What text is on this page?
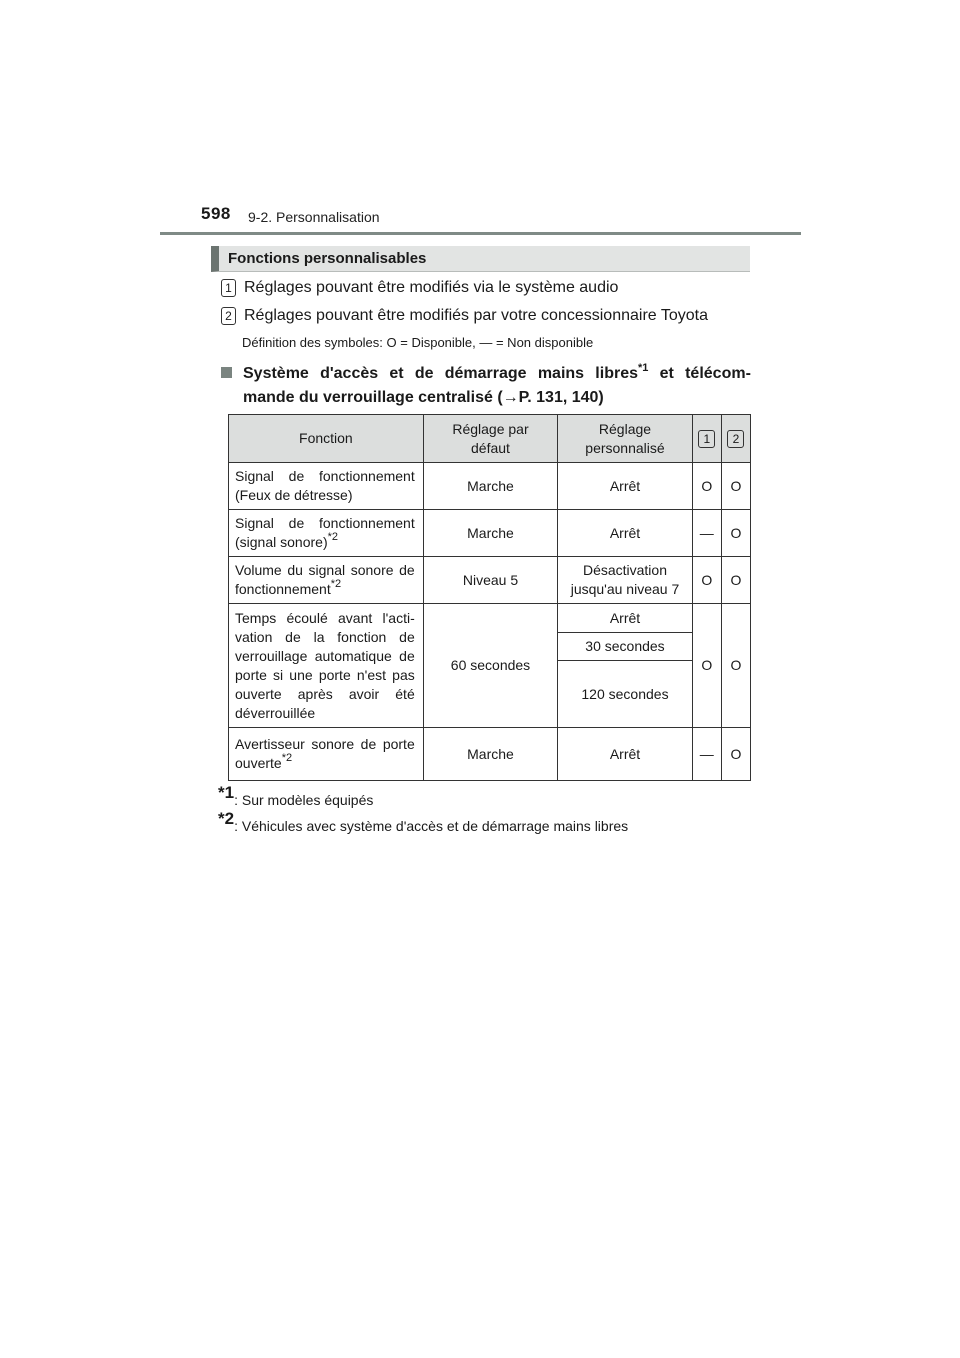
598 9-2. Personnalisation
Fonctions personnalisables
1 Réglages pouvant être modifiés via le système audio
2 Réglages pouvant être modifiés par votre concessionnaire Toyota
Définition des symboles: O = Disponible, — = Non disponible
Système d'accès et de démarrage mains libres$^{*1}$ et télécom-
mande du verrouillage centralisé (→P. 131, 140)
Fonction	Réglage par défaut	Réglage personnalisé	1	2
Signal de fonctionnement (Feux de détresse)	Marche	Arrêt	O	O
Signal de fonctionnement (signal sonore)$^{*2}$	Marche	Arrêt	—	O
Volume du signal sonore de fonctionnement$^{*2}$	Niveau 5	Désactivation jusqu'au niveau 7	O	O
Temps écoulé avant l'acti-vation de la fonction de verrouillage automatique de porte si une porte n'est pas ouverte après avoir été déverrouillée	60 secondes	Arrêt	O	O
		30 secondes		
		120 secondes		
Avertisseur sonore de porte ouverte$^{*2}$	Marche	Arrêt	—	O
$^{*1}$: Sur modèles équipés
$^{*2}$: Véhicules avec système d'accès et de démarrage mains libres
